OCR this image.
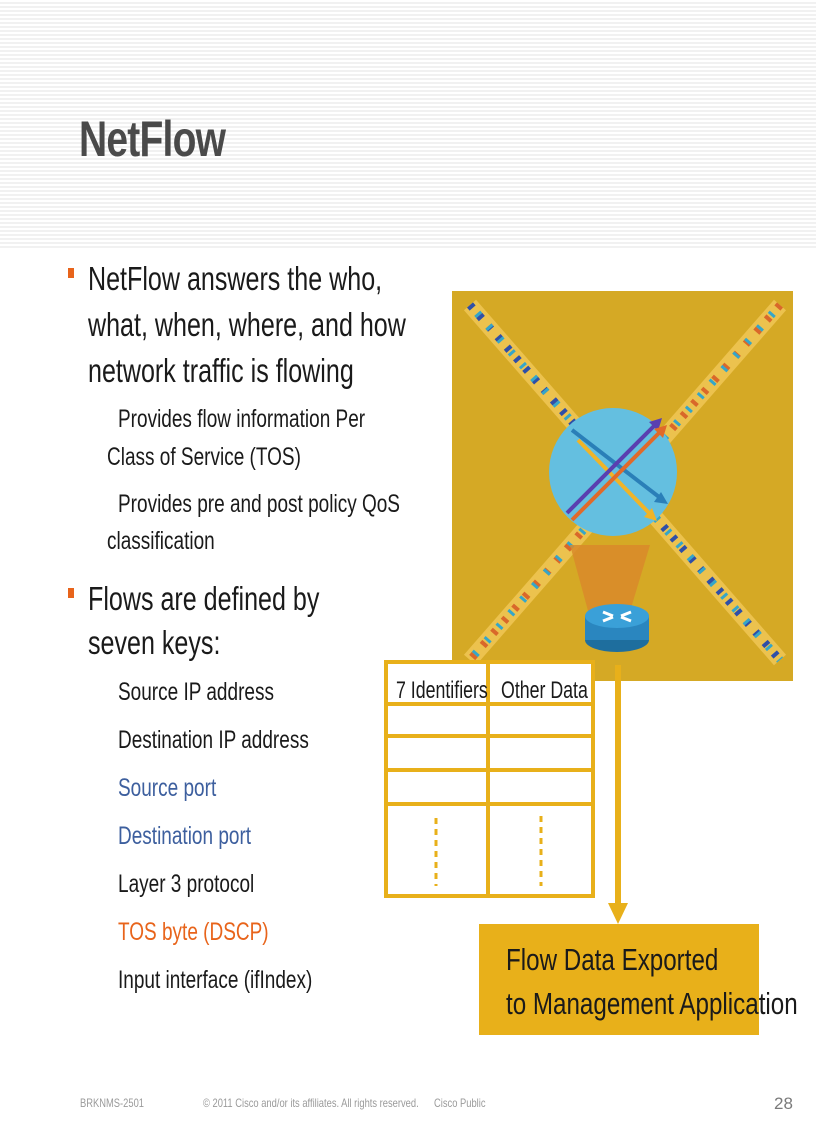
NetFlow
NetFlow answers the who,
what, when, where, and how
network traffic is flowing
Provides flow information Per
Class of Service (TOS)
Provides pre and post policy QoS
classification
Flows are defined by
seven keys:
Source IP address
Destination IP address
Source port
Destination port
Layer 3 protocol
TOS byte (DSCP)
Input interface (ifIndex)
7 Identifiers Other Data
Flow Data Exported
to Management Application
BRKNMS-2501	© 2011 Cisco and/or its affiliates. All rights reserved. Cisco Public	28
